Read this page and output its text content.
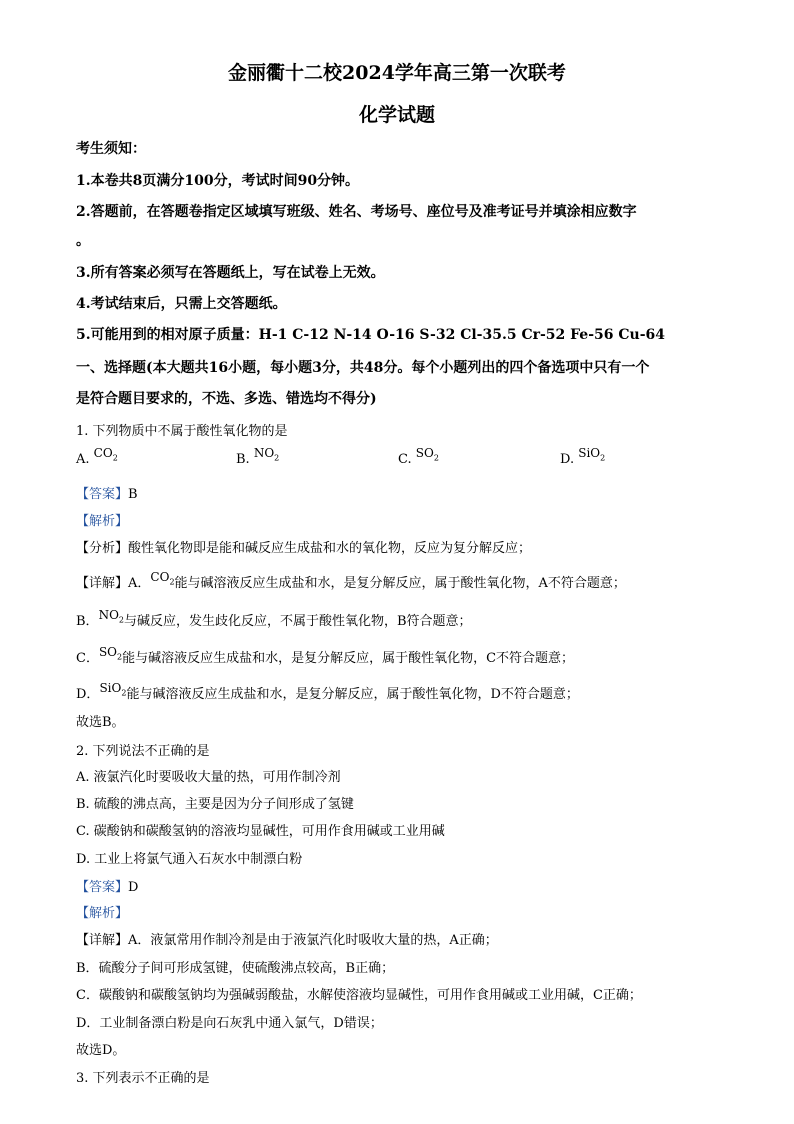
金丽衢十二校2024学年高三第一次联考
化学试题
考生须知：
1.本卷共8页满分100分，考试时间90分钟。
2.答题前，在答题卷指定区域填写班级、姓名、考场号、座位号及准考证号并填涂相应数字
。
3.所有答案必须写在答题纸上，写在试卷上无效。
4.考试结束后，只需上交答题纸。
5.可能用到的相对原子质量：H-1 C-12 N-14 O-16 S-32 Cl-35.5 Cr-52 Fe-56 Cu-64
一、选择题(本大题共16小题，每小题3分，共48分。每个小题列出的四个备选项中只有一个
是符合题目要求的，不选、多选、错选均不得分)
1. 下列物质中不属于酸性氧化物的是
A. $CO_2$	B. $NO_2$	C. $SO_2$	D. SiO$_2$
【答案】B
【解析】
【分析】酸性氧化物即是能和碱反应生成盐和水的氧化物，反应为复分解反应；
【详解】A．$CO_2$能与碱溶液反应生成盐和水，是复分解反应，属于酸性氧化物，A不符合题意；
B．$NO_2$与碱反应，发生歧化反应，不属于酸性氧化物，B符合题意；
C．$SO_2$能与碱溶液反应生成盐和水，是复分解反应，属于酸性氧化物，C不符合题意；
D．SiO$_2$能与碱溶液反应生成盐和水，是复分解反应，属于酸性氧化物，D不符合题意；
故选B。
2. 下列说法不正确的是
A. 液氯汽化时要吸收大量的热，可用作制冷剂
B. 硫酸的沸点高，主要是因为分子间形成了氢键
C. 碳酸钠和碳酸氢钠的溶液均显碱性，可用作食用碱或工业用碱
D. 工业上将氯气通入石灰水中制漂白粉
【答案】D
【解析】
【详解】A．液氯常用作制冷剂是由于液氯汽化时吸收大量的热，A正确；
B．硫酸分子间可形成氢键，使硫酸沸点较高，B正确；
C．碳酸钠和碳酸氢钠均为强碱弱酸盐，水解使溶液均显碱性，可用作食用碱或工业用碱，C正确；
D．工业制备漂白粉是向石灰乳中通入氯气，D错误；
故选D。
3. 下列表示不正确的是
